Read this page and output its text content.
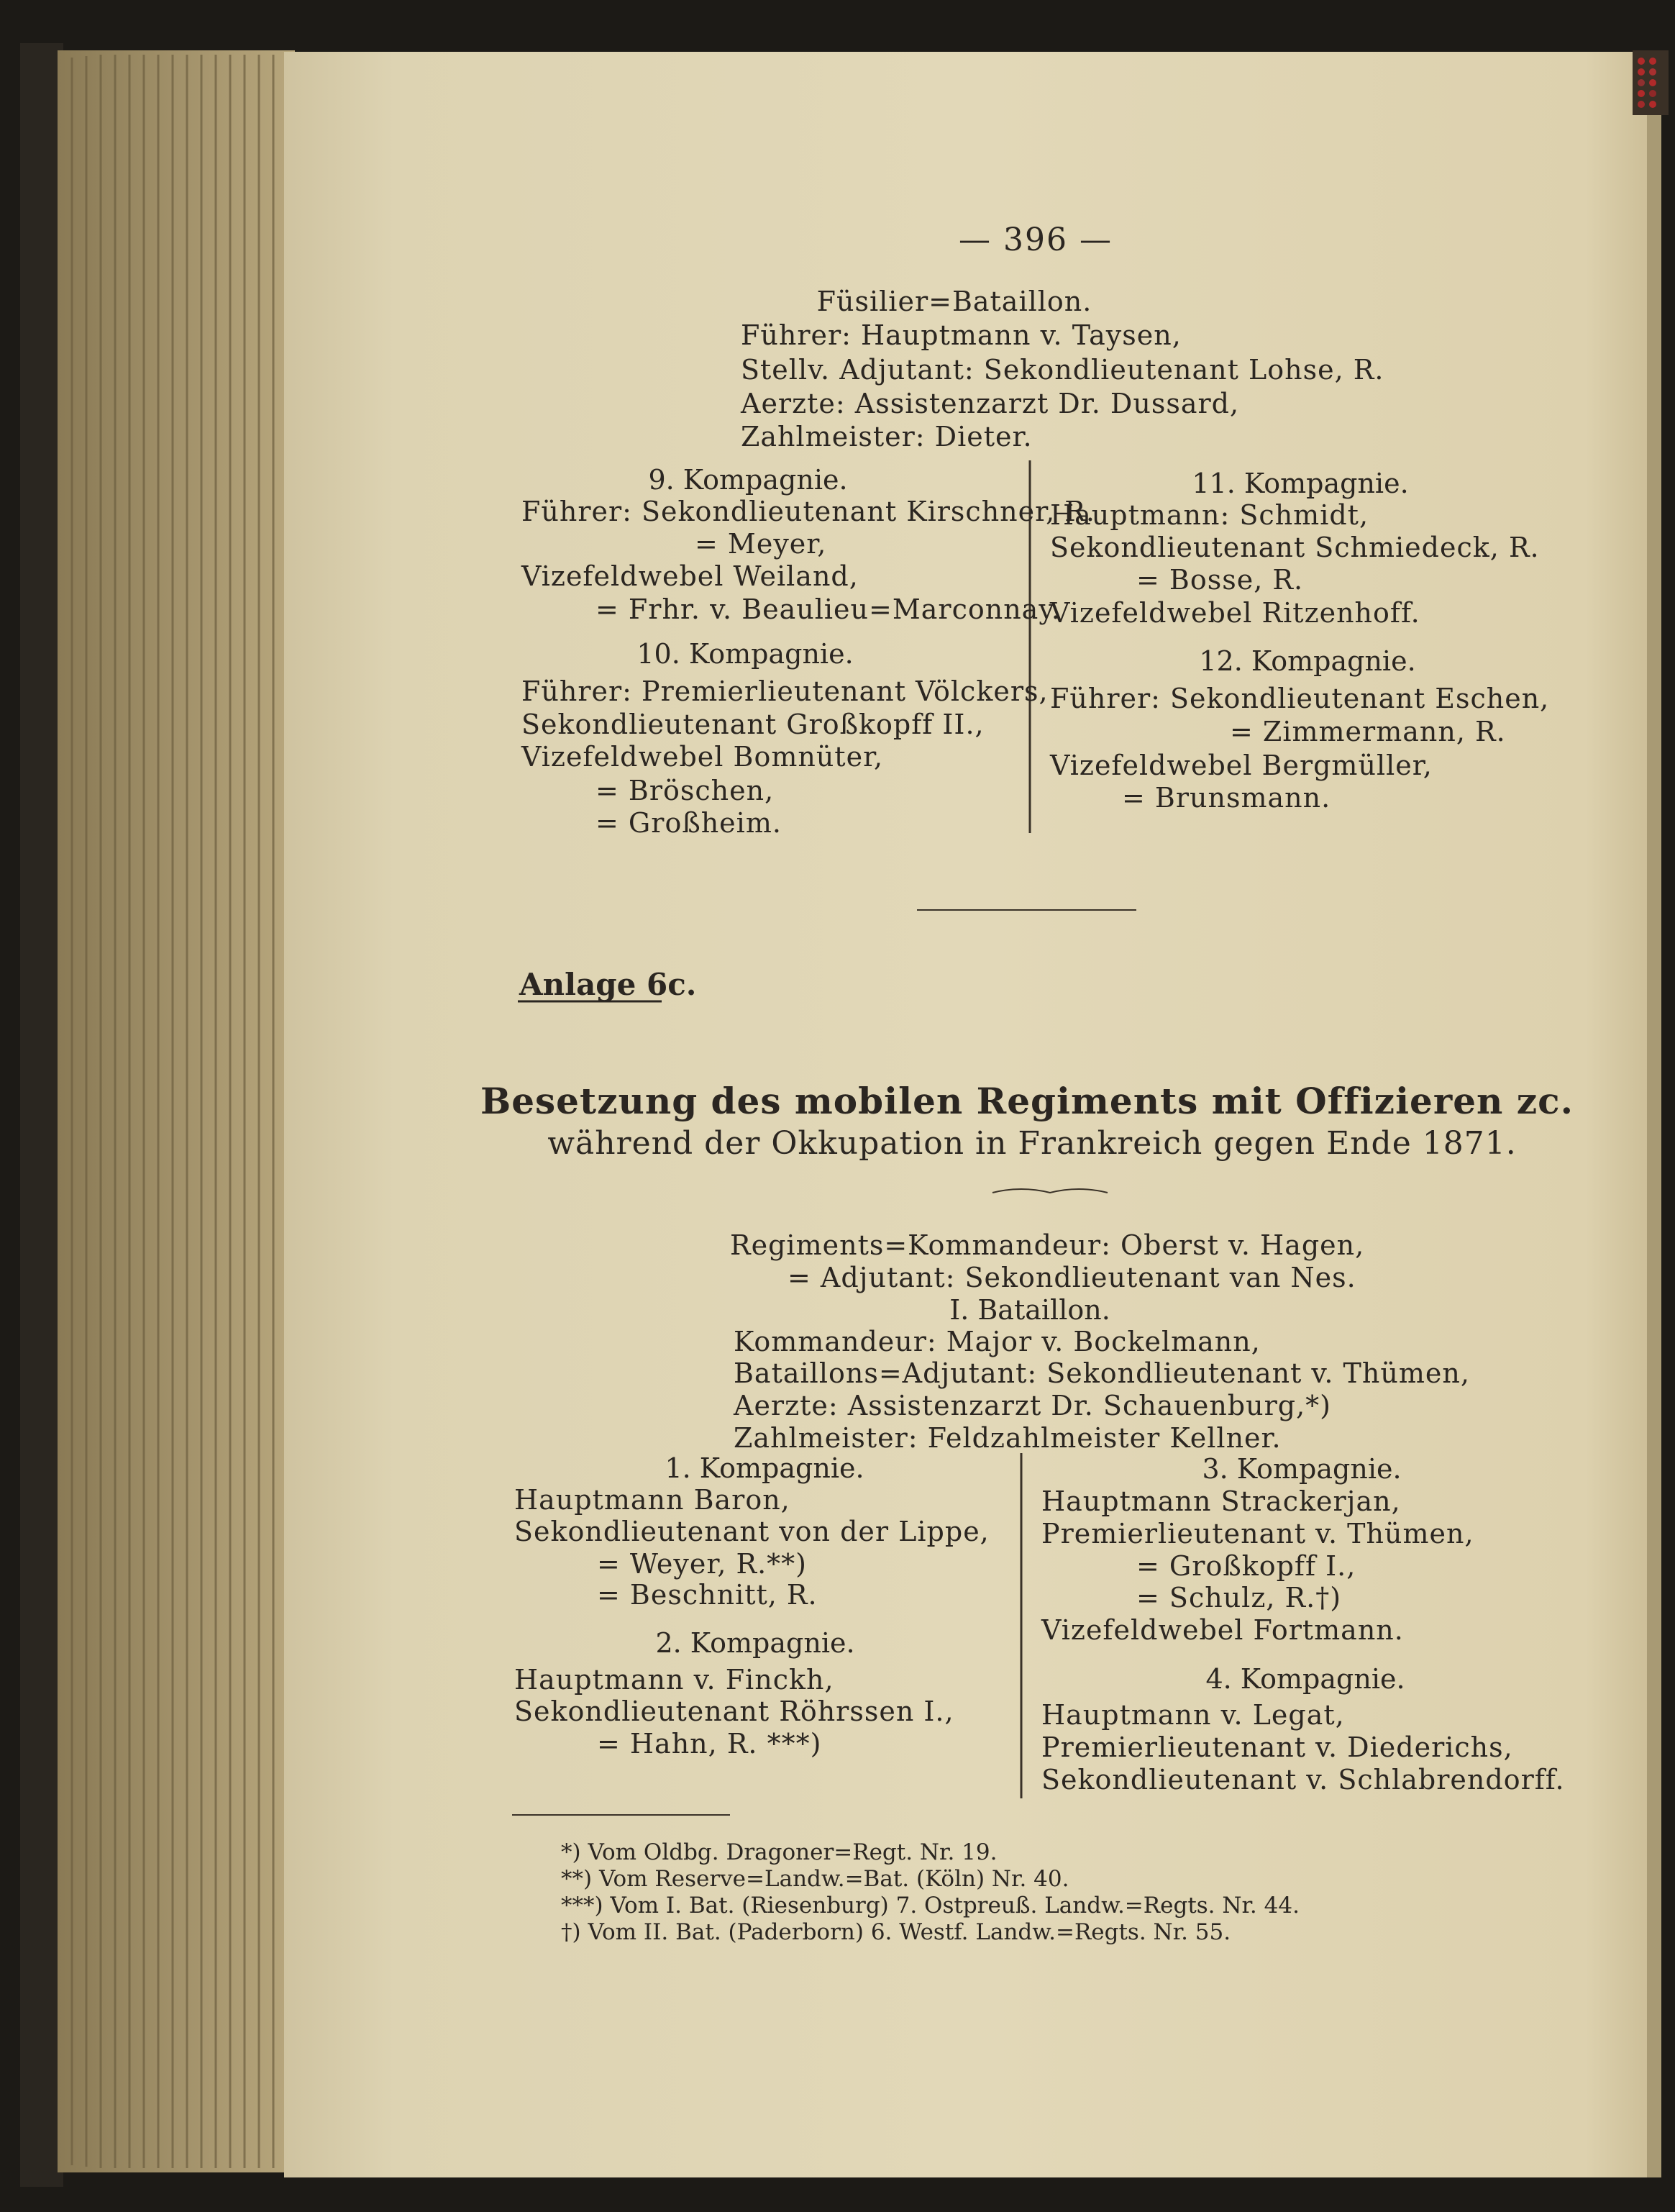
— 396 —
Füsilier=Bataillon.
Führer: Hauptmann v. Taysen,
Stellv. Adjutant: Sekondlieutenant Lohse, R.
Aerzte: Assistenzarzt Dr. Dussard,
Zahlmeister: Dieter.
9. Kompagnie.
Führer: Sekondlieutenant Kirschner, R.
= Meyer,
Vizefeldwebel Weiland,
= Frhr. v. Beaulieu=Marconnay.
10. Kompagnie.
Führer: Premierlieutenant Völckers,
Sekondlieutenant Großkopff II.,
Vizefeldwebel Bomnüter,
= Bröschen,
= Großheim.
11. Kompagnie.
Hauptmann: Schmidt,
Sekondlieutenant Schmiedeck, R.
= Bosse, R.
Vizefeldwebel Ritzenhoff.
12. Kompagnie.
Führer: Sekondlieutenant Eschen,
= Zimmermann, R.
Vizefeldwebel Bergmüller,
= Brunsmann.
Anlage 6c.
Besetzung des mobilen Regiments mit Offizieren zc.
während der Okkupation in Frankreich gegen Ende 1871.
Regiments=Kommandeur: Oberst v. Hagen,
= Adjutant: Sekondlieutenant van Nes.
I. Bataillon.
Kommandeur: Major v. Bockelmann,
Bataillons=Adjutant: Sekondlieutenant v. Thümen,
Aerzte: Assistenzarzt Dr. Schauenburg,*)
Zahlmeister: Feldzahlmeister Kellner.
1. Kompagnie.
Hauptmann Baron,
Sekondlieutenant von der Lippe,
= Weyer, R.**)
= Beschnitt, R.
2. Kompagnie.
Hauptmann v. Finckh,
Sekondlieutenant Röhrssen I.,
= Hahn, R. ***)
3. Kompagnie.
Hauptmann Strackerjan,
Premierlieutenant v. Thümen,
= Großkopff I.,
= Schulz, R.†)
Vizefeldwebel Fortmann.
4. Kompagnie.
Hauptmann v. Legat,
Premierlieutenant v. Diederichs,
Sekondlieutenant v. Schlabrendorff.
*) Vom Oldbg. Dragoner=Regt. Nr. 19.
**) Vom Reserve=Landw.=Bat. (Köln) Nr. 40.
***) Vom I. Bat. (Riesenburg) 7. Ostpreuß. Landw.=Regts. Nr. 44.
†) Vom II. Bat. (Paderborn) 6. Westf. Landw.=Regts. Nr. 55.
